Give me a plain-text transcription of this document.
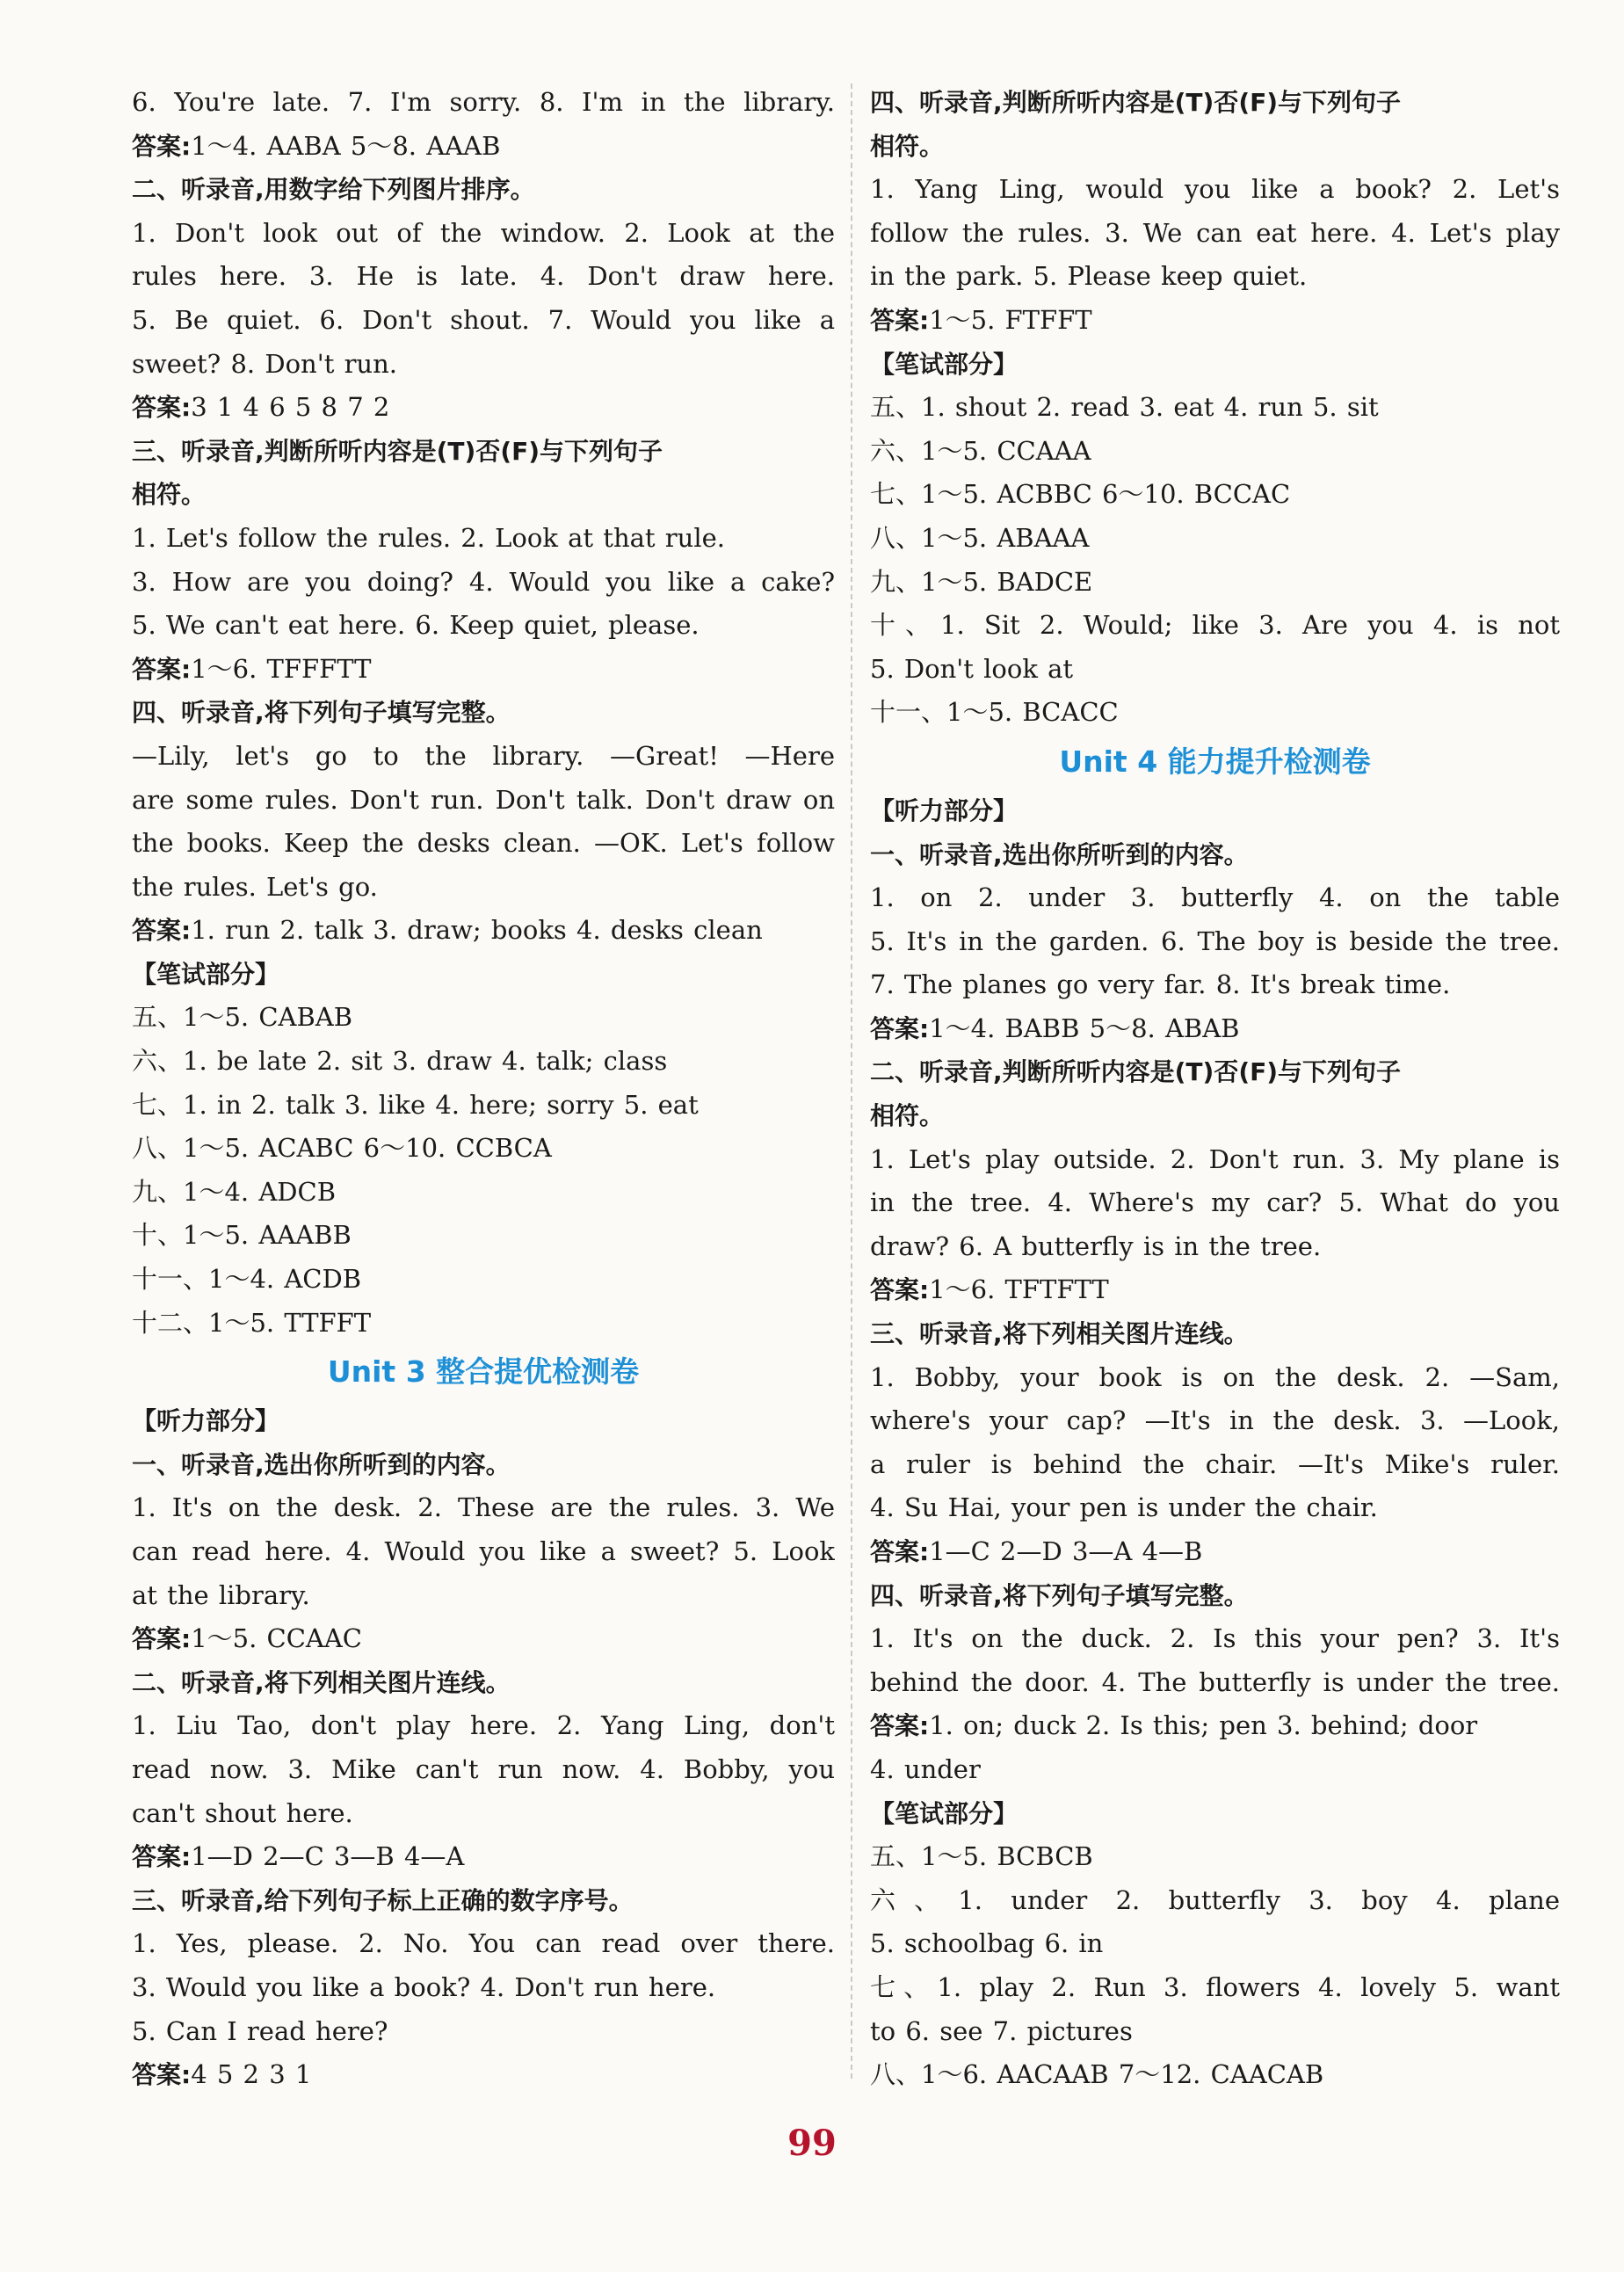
6. You're late. 7. I'm sorry. 8. I'm in the library.
答案:1～4. AABA 5～8. AAAB
二、听录音,用数字给下列图片排序。
1. Don't look out of the window. 2. Look at the
rules here. 3. He is late. 4. Don't draw here.
5. Be quiet. 6. Don't shout. 7. Would you like a
sweet? 8. Don't run.
答案:3 1 4 6 5 8 7 2
三、听录音,判断所听内容是(T)否(F)与下列句子
相符。
1. Let's follow the rules. 2. Look at that rule.
3. How are you doing? 4. Would you like a cake?
5. We can't eat here. 6. Keep quiet, please.
答案:1～6. TFFFTT
四、听录音,将下列句子填写完整。
—Lily, let's go to the library. —Great! —Here
are some rules. Don't run. Don't talk. Don't draw on
the books. Keep the desks clean. —OK. Let's follow
the rules. Let's go.
答案:1. run 2. talk 3. draw; books 4. desks clean
【笔试部分】
五、1～5. CABAB
六、1. be late 2. sit 3. draw 4. talk; class
七、1. in 2. talk 3. like 4. here; sorry 5. eat
八、1～5. ACABC 6～10. CCBCA
九、1～4. ADCB
十、1～5. AAABB
十一、1～4. ACDB
十二、1～5. TTFFT
Unit 3 整合提优检测卷
【听力部分】
一、听录音,选出你所听到的内容。
1. It's on the desk. 2. These are the rules. 3. We
can read here. 4. Would you like a sweet? 5. Look
at the library.
答案:1～5. CCAAC
二、听录音,将下列相关图片连线。
1. Liu Tao, don't play here. 2. Yang Ling, don't
read now. 3. Mike can't run now. 4. Bobby, you
can't shout here.
答案:1—D 2—C 3—B 4—A
三、听录音,给下列句子标上正确的数字序号。
1. Yes, please. 2. No. You can read over there.
3. Would you like a book? 4. Don't run here.
5. Can I read here?
答案:4 5 2 3 1
四、听录音,判断所听内容是(T)否(F)与下列句子
相符。
1. Yang Ling, would you like a book? 2. Let's
follow the rules. 3. We can eat here. 4. Let's play
in the park. 5. Please keep quiet.
答案:1～5. FTFFT
【笔试部分】
五、1. shout 2. read 3. eat 4. run 5. sit
六、1～5. CCAAA
七、1～5. ACBBC 6～10. BCCAC
八、1～5. ABAAA
九、1～5. BADCE
十、1. Sit 2. Would; like 3. Are you 4. is not
5. Don't look at
十一、1～5. BCACC
Unit 4 能力提升检测卷
【听力部分】
一、听录音,选出你所听到的内容。
1. on 2. under 3. butterfly 4. on the table
5. It's in the garden. 6. The boy is beside the tree.
7. The planes go very far. 8. It's break time.
答案:1～4. BABB 5～8. ABAB
二、听录音,判断所听内容是(T)否(F)与下列句子
相符。
1. Let's play outside. 2. Don't run. 3. My plane is
in the tree. 4. Where's my car? 5. What do you
draw? 6. A butterfly is in the tree.
答案:1～6. TFTFTT
三、听录音,将下列相关图片连线。
1. Bobby, your book is on the desk. 2. —Sam,
where's your cap? —It's in the desk. 3. —Look,
a ruler is behind the chair. —It's Mike's ruler.
4. Su Hai, your pen is under the chair.
答案:1—C 2—D 3—A 4—B
四、听录音,将下列句子填写完整。
1. It's on the duck. 2. Is this your pen? 3. It's
behind the door. 4. The butterfly is under the tree.
答案:1. on; duck 2. Is this; pen 3. behind; door
4. under
【笔试部分】
五、1～5. BCBCB
六、1. under 2. butterfly 3. boy 4. plane
5. schoolbag 6. in
七、1. play 2. Run 3. flowers 4. lovely 5. want
to 6. see 7. pictures
八、1～6. AACAAB 7～12. CAACAB
99
